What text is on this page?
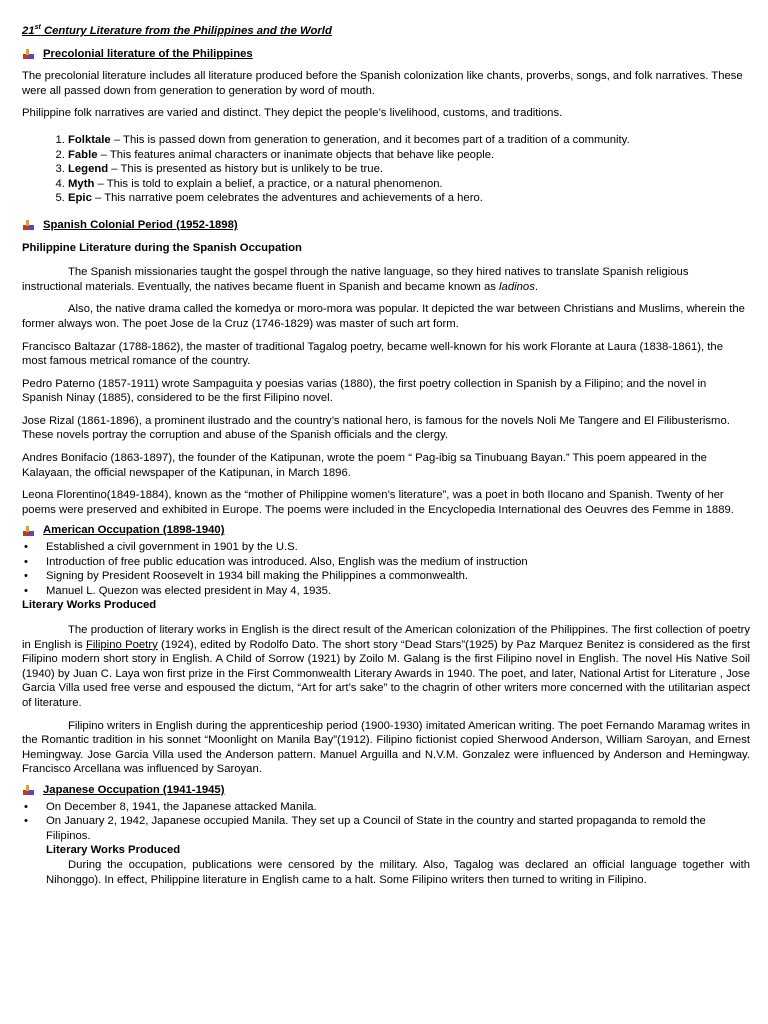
21st Century Literature from the Philippines and the World
Precolonial literature of the Philippines

The precolonial literature includes all literature produced before the Spanish colonization like chants, proverbs, songs, and folk narratives. These were all passed down from generation to generation by word of mouth.

Philippine folk narratives are varied and distinct. They depict the people’s livelihood, customs, and traditions.

1. Folktale – This is passed down from generation to generation, and it becomes part of a tradition of a community.
2. Fable – This features animal characters or inanimate objects that behave like people.
3. Legend – This is presented as history but is unlikely to be true.
4. Myth – This is told to explain a belief, a practice, or a natural phenomenon.
5. Epic – This narrative poem celebrates the adventures and achievements of a hero.
Spanish Colonial Period (1952-1898)

Philippine Literature during the Spanish Occupation

The Spanish missionaries taught the gospel through the native language, so they hired natives to translate Spanish religious instructional materials. Eventually, the natives became fluent in Spanish and became known as ladinos.

Also, the native drama called the komedya or moro-mora was popular. It depicted the war between Christians and Muslims, wherein the former always won. The poet Jose de la Cruz (1746-1829) was master of such art form.

Francisco Baltazar (1788-1862), the master of traditional Tagalog poetry, became well-known for his work Florante at Laura (1838-1861), the most famous metrical romance of the country.

Pedro Paterno (1857-1911) wrote Sampaguita y poesias varias (1880), the first poetry collection in Spanish by a Filipino; and the novel in Spanish Ninay (1885), considered to be the first Filipino novel.

Jose Rizal (1861-1896), a prominent ilustrado and the country’s national hero, is famous for the novels Noli Me Tangere and El Filibusterismo. These novels portray the corruption and abuse of the Spanish officials and the clergy.

Andres Bonifacio (1863-1897), the founder of the Katipunan, wrote the poem “ Pag-ibig sa Tinubuang Bayan.” This poem appeared in the Kalayaan, the official newspaper of the Katipunan, in March 1896.

Leona Florentino(1849-1884), known as the “mother of Philippine women’s literature”, was a poet in both Ilocano and Spanish. Twenty of her poems were preserved and exhibited in Europe. The poems were included in the Encyclopedia International des Oeuvres des Femme in 1889.

American Occupation (1898-1940)
• Established a civil government in 1901 by the U.S.
• Introduction of free public education was introduced. Also, English was the medium of instruction
• Signing by President Roosevelt in 1934 bill making the Philippines a commonwealth.
• Manuel L. Quezon was elected president in May 4, 1935.

Literary Works Produced

The production of literary works in English is the direct result of the American colonization of the Philippines. The first collection of poetry in English is Filipino Poetry (1924), edited by Rodolfo Dato. The short story “Dead Stars”(1925) by Paz Marquez Benitez is considered as the first Filipino modern short story in English. A Child of Sorrow (1921) by Zoilo M. Galang is the first Filipino novel in English. The novel His Native Soil (1940) by Juan C. Laya won first prize in the First Commonwealth Literary Awards in 1940. The poet, and later, National Artist for Literature , Jose Garcia Villa used free verse and espoused the dictum, “Art for art’s sake” to the chagrin of other writers more concerned with the utilitarian aspect of literature.

Filipino writers in English during the apprenticeship period (1900-1930) imitated American writing. The poet Fernando Maramag writes in the Romantic tradition in his sonnet “Moonlight on Manila Bay”(1912). Filipino fictionist copied Sherwood Anderson, William Saroyan, and Ernest Hemingway. Jose Garcia Villa used the Anderson pattern. Manuel Arguilla and N.V.M. Gonzalez were influenced by Anderson and Hemingway. Francisco Arcellana was influenced by Saroyan.

Japanese Occupation (1941-1945)
• On December 8, 1941, the Japanese attacked Manila.
• On January 2, 1942, Japanese occupied Manila. They set up a Council of State in the country and started propaganda to remold the Filipinos.

Literary Works Produced

During the occupation, publications were censored by the military. Also, Tagalog was declared an official language together with Nihonggo). In effect, Philippine literature in English came to a halt. Some Filipino writers then turned to writing in Filipino.
